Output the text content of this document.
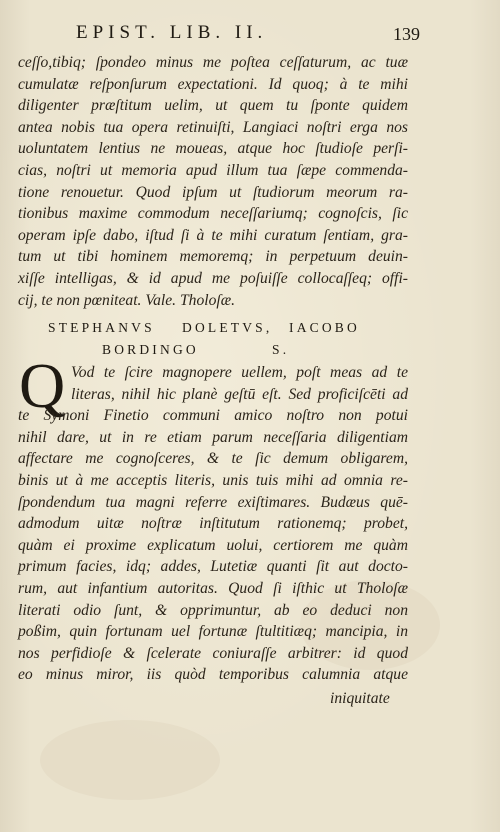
EPIST. LIB. II.	139
ceſſo,tibiq; ſpondeo minus me poſtea ceſſaturum, ac tuæ
cumulatæ reſponſurum expectationi. Id quoq; à te mihi
diligenter præſtitum uelim, ut quem tu ſponte quidem
antea nobis tua opera retinuiſti, Langiaci noſtri erga nos
uoluntatem lentius ne moueas, atque hoc ſtudioſe perſi-
cias, noſtri ut memoria apud illum tua ſæpe commenda-
tione renouetur. Quod ipſum ut ſtudiorum meorum ra-
tionibus maxime commodum neceſſariumq; cognoſcis, ſic
operam ipſe dabo, iſtud ſi à te mihi curatum ſentiam, gra-
tum ut tibi hominem memoremq; in perpetuum deuin-
xiſſe intelligas, & id apud me poſuiſſe collocaſſeq; offi-
cij, te non pœniteat. Vale. Tholoſæ.
STEPHANVS DOLETVS, IACOBO
BORDINGO	S.
Q Vod te ſcire magnopere uellem, poſt meas ad te
literas, nihil hic planè geſtū eſt. Sed proficiſcēti ad
te Symoni Finetio communi amico noſtro non potui
nihil dare, ut in re etiam parum neceſſaria diligentiam
affectare me cognoſceres, & te ſic demum obligarem,
binis ut à me acceptis literis, unis tuis mihi ad omnia re-
ſpondendum tua magni referre exiſtimares. Budæus quē-
admodum uitæ noſtræ inſtitutum rationemq; probet,
quàm ei proxime explicatum uolui, certiorem me quàm
primum facies, idq; addes, Lutetiæ quanti ſit aut docto-
rum, aut infantium autoritas. Quod ſi iſthic ut Tholoſæ
literati odio ſunt, & opprimuntur, ab eo deduci non
poßim, quin fortunam uel fortunæ ſtultitiæq; mancipia, in
nos perfidioſe & ſcelerate coniuraſſe arbitrer: id quod
eo minus miror, iis quòd temporibus calumnia atque
iniquitate
